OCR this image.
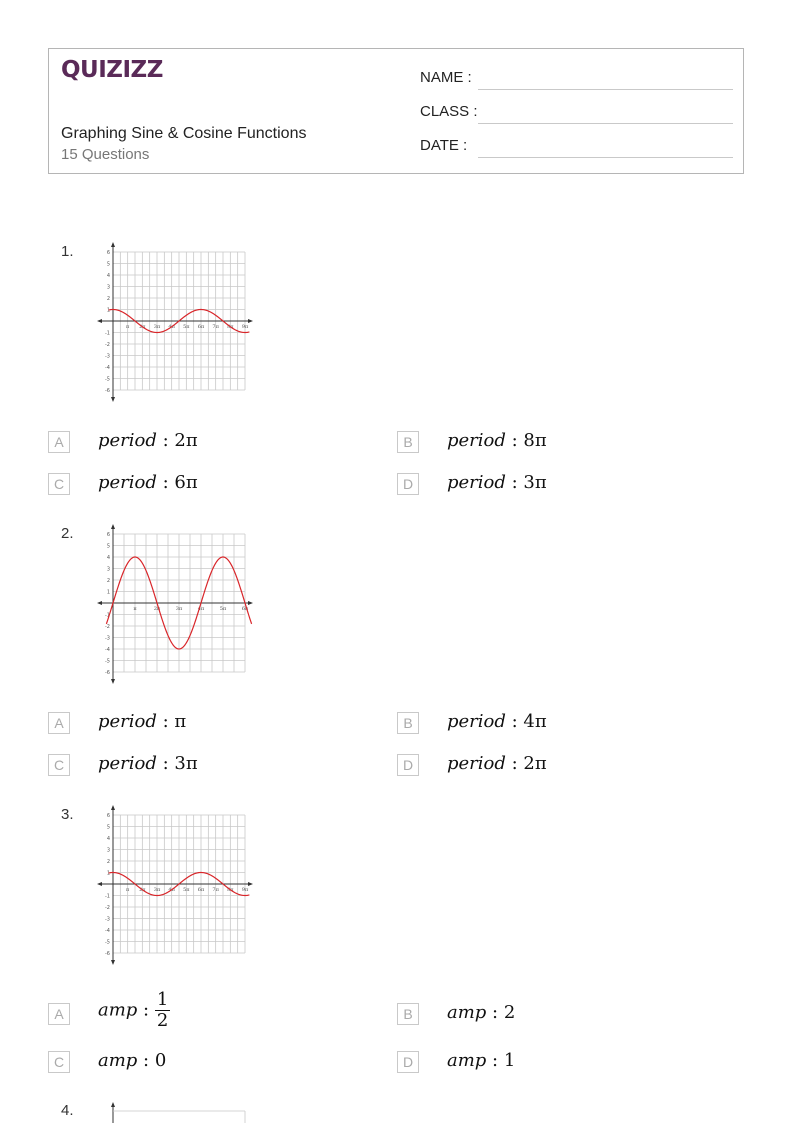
QUIZIZZ
Graphing Sine & Cosine Functions
15 Questions
NAME :
CLASS :
DATE :
1.	6
5
4
3
2
1
-1
-2
-3
-4
-5
-6
π 2π 3π 4π 5π 6π 7π 8π 9π
A	period : 2π	B	period : 8π
C	period : 6π	D	period : 3π
2.	6
5
4
3
2
1
-1
-2
-3
-4
-5
-6
π	2π	3π	4π	5π	6π
A	period : π	B	period : 4π
C	period : 3π	D	period : 2π
3.	6
5
4
3
2
1
-1
-2
-3
-4
-5
-6
π 2π 3π 4π 5π 6π 7π 8π 9π
A	amp : $\frac{1}{2}$	B	amp : 2
C	amp : 0	D	amp : 1
4.
